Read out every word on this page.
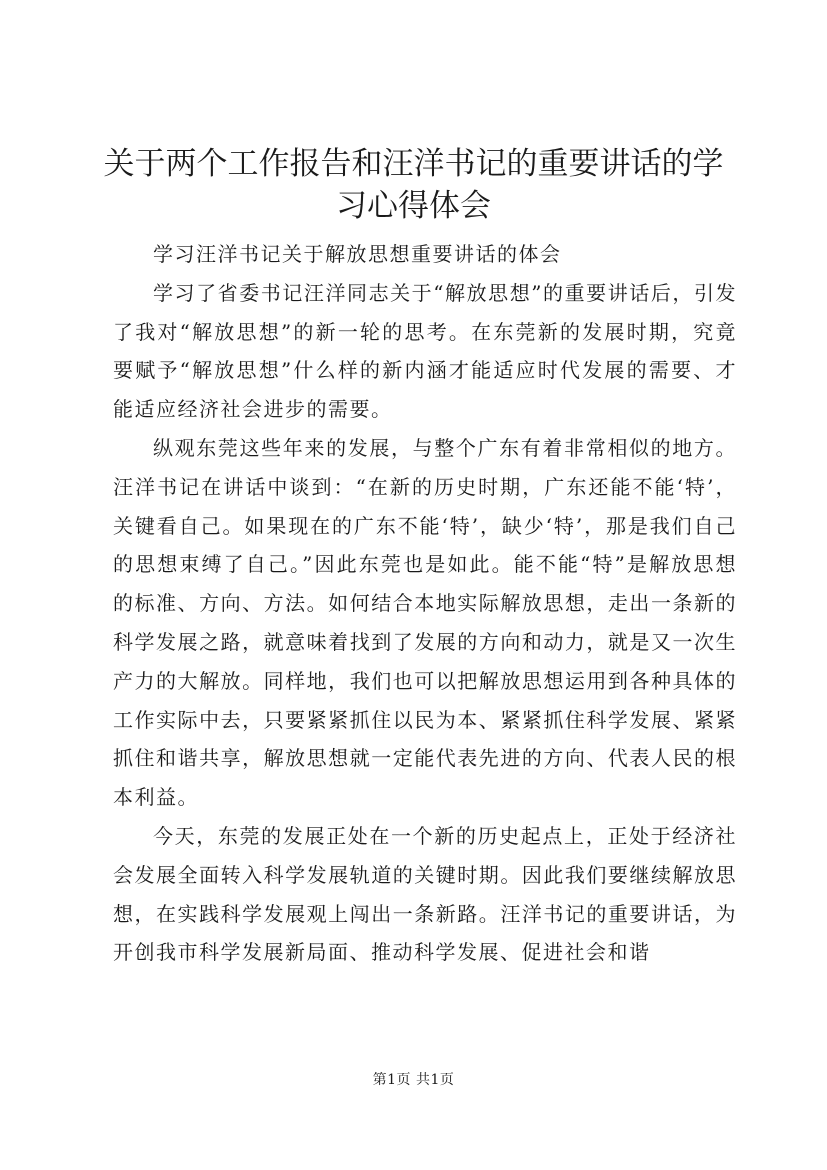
关于两个工作报告和汪洋书记的重要讲话的学习心得体会

学习汪洋书记关于解放思想重要讲话的体会

学习了省委书记汪洋同志关于“解放思想”的重要讲话后，引发了我对“解放思想”的新一轮的思考。在东莞新的发展时期，究竟要赋予“解放思想”什么样的新内涵才能适应时代发展的需要、才能适应经济社会进步的需要。

纵观东莞这些年来的发展，与整个广东有着非常相似的地方。汪洋书记在讲话中谈到：“在新的历史时期，广东还能不能‘特’，关键看自己。如果现在的广东不能‘特’，缺少‘特’，那是我们自己的思想束缚了自己。”因此东莞也是如此。能不能“特”是解放思想的标准、方向、方法。如何结合本地实际解放思想，走出一条新的科学发展之路，就意味着找到了发展的方向和动力，就是又一次生产力的大解放。同样地，我们也可以把解放思想运用到各种具体的工作实际中去，只要紧紧抓住以民为本、紧紧抓住科学发展、紧紧抓住和谐共享，解放思想就一定能代表先进的方向、代表人民的根本利益。

今天，东莞的发展正处在一个新的历史起点上，正处于经济社会发展全面转入科学发展轨道的关键时期。因此我们要继续解放思想，在实践科学发展观上闯出一条新路。汪洋书记的重要讲话，为开创我市科学发展新局面、推动科学发展、促进社会和谐

第1页 共1页
